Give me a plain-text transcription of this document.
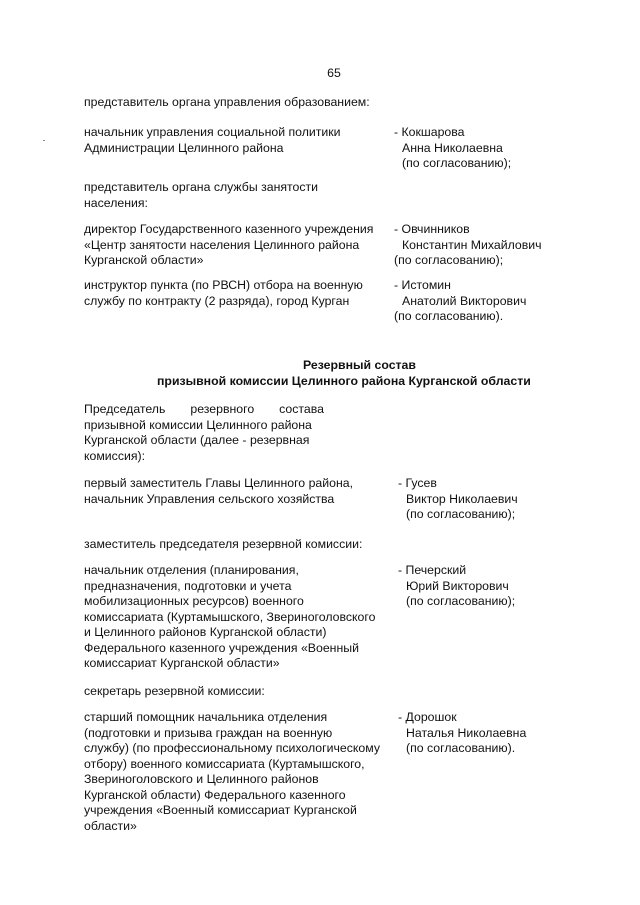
65
представитель органа управления образованием:
начальник управления социальной политики
Администрации Целинного района
- Кокшарова
Анна Николаевна
(по согласованию);
представитель органа службы занятости
населения:
директор Государственного казенного учреждения
«Центр занятости населения Целинного района
Курганской области»
- Овчинников
Константин Михайлович
(по согласованию);
инструктор пункта (по РВСН) отбора на военную
службу по контракту (2 разряда), город Курган
- Истомин
Анатолий Викторович
(по согласованию).
Резервный состав
призывной комиссии Целинного района Курганской области
Председатель резервного состава
призывной комиссии Целинного района
Курганской области (далее - резервная
комиссия):
первый заместитель Главы Целинного района,
начальник Управления сельского хозяйства
- Гусев
Виктор Николаевич
(по согласованию);
заместитель председателя резервной комиссии:
начальник отделения (планирования,
предназначения, подготовки и учета
мобилизационных ресурсов) военного
комиссариата (Куртамышского, Звериноголовского
и Целинного районов Курганской области)
Федерального казенного учреждения «Военный
комиссариат Курганской области»
- Печерский
Юрий Викторович
(по согласованию);
секретарь резервной комиссии:
старший помощник начальника отделения
(подготовки и призыва граждан на военную
службу) (по профессиональному психологическому
отбору) военного комиссариата (Куртамышского,
Звериноголовского и Целинного районов
Курганской области) Федерального казенного
учреждения «Военный комиссариат Курганской
области»
- Дорошок
Наталья Николаевна
(по согласованию).
